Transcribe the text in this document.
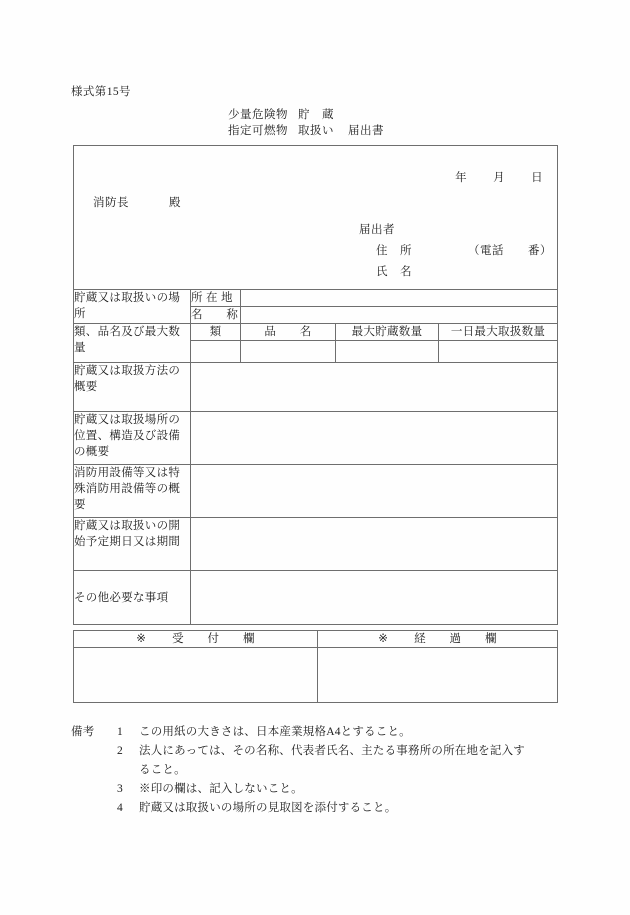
様式第15号
少量危険物 貯　蔵
指定可燃物 取扱い	届出書
年 月 日
消防長	殿
届出者
住　所	（電話　　番）
氏　名

貯蔵又は取扱いの場所	所 在 地			
	名　　称			
類、品名及び最大数量	類	品　　名	最大貯蔵数量	一日最大取扱数量

貯蔵又は取扱方法の概要				
貯蔵又は取扱場所の位置、構造及び設備の概要				
消防用設備等又は特殊消防用設備等の概要				
貯蔵又は取扱いの開始予定期日又は期間				
その他必要な事項				
※ 受　　付　　欄	※ 経　　過　　欄

備考	1	この用紙の大きさは、日本産業規格A4とすること。
2	法人にあっては、その名称、代表者氏名、主たる事務所の所在地を記入すること。
3	※印の欄は、記入しないこと。
4	貯蔵又は取扱いの場所の見取図を添付すること。
